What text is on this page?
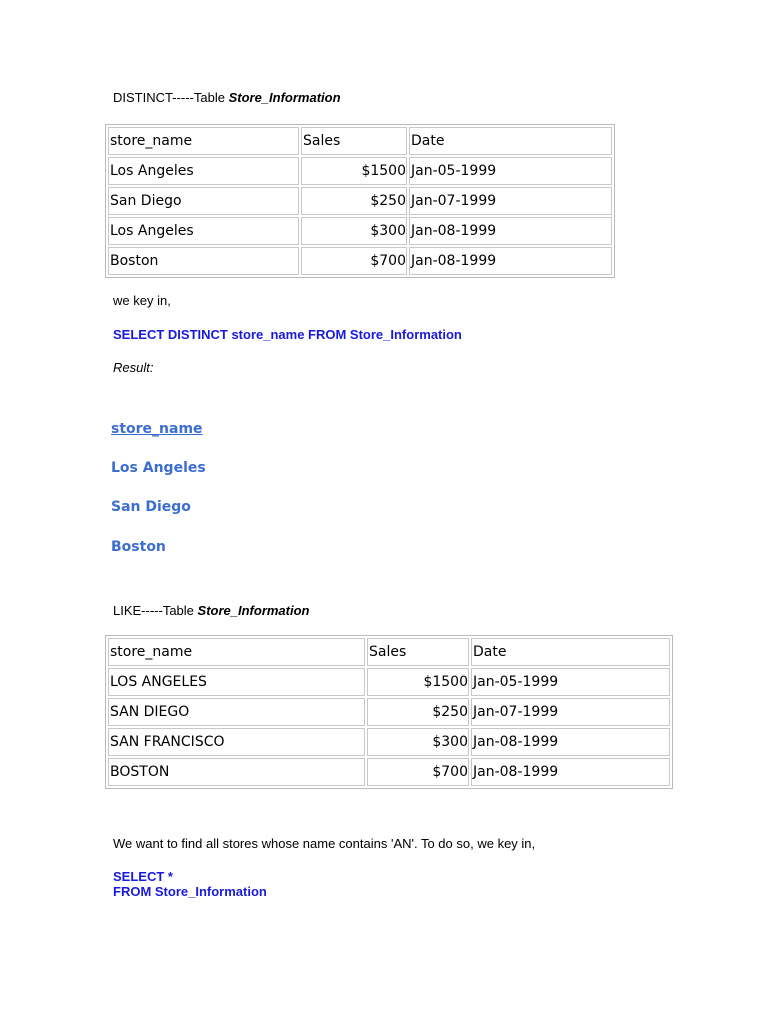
DISTINCT-----Table Store_Information
store_name	Sales	Date
Los Angeles	$1500	Jan-05-1999
San Diego	$250	Jan-07-1999
Los Angeles	$300	Jan-08-1999
Boston	$700	Jan-08-1999
we key in,
SELECT DISTINCT store_name FROM Store_Information
Result:
store_name
Los Angeles
San Diego
Boston
LIKE-----Table Store_Information
store_name	Sales	Date
LOS ANGELES	$1500	Jan-05-1999
SAN DIEGO	$250	Jan-07-1999
SAN FRANCISCO	$300	Jan-08-1999
BOSTON	$700	Jan-08-1999
We want to find all stores whose name contains 'AN'. To do so, we key in,
SELECT *
FROM Store_Information
